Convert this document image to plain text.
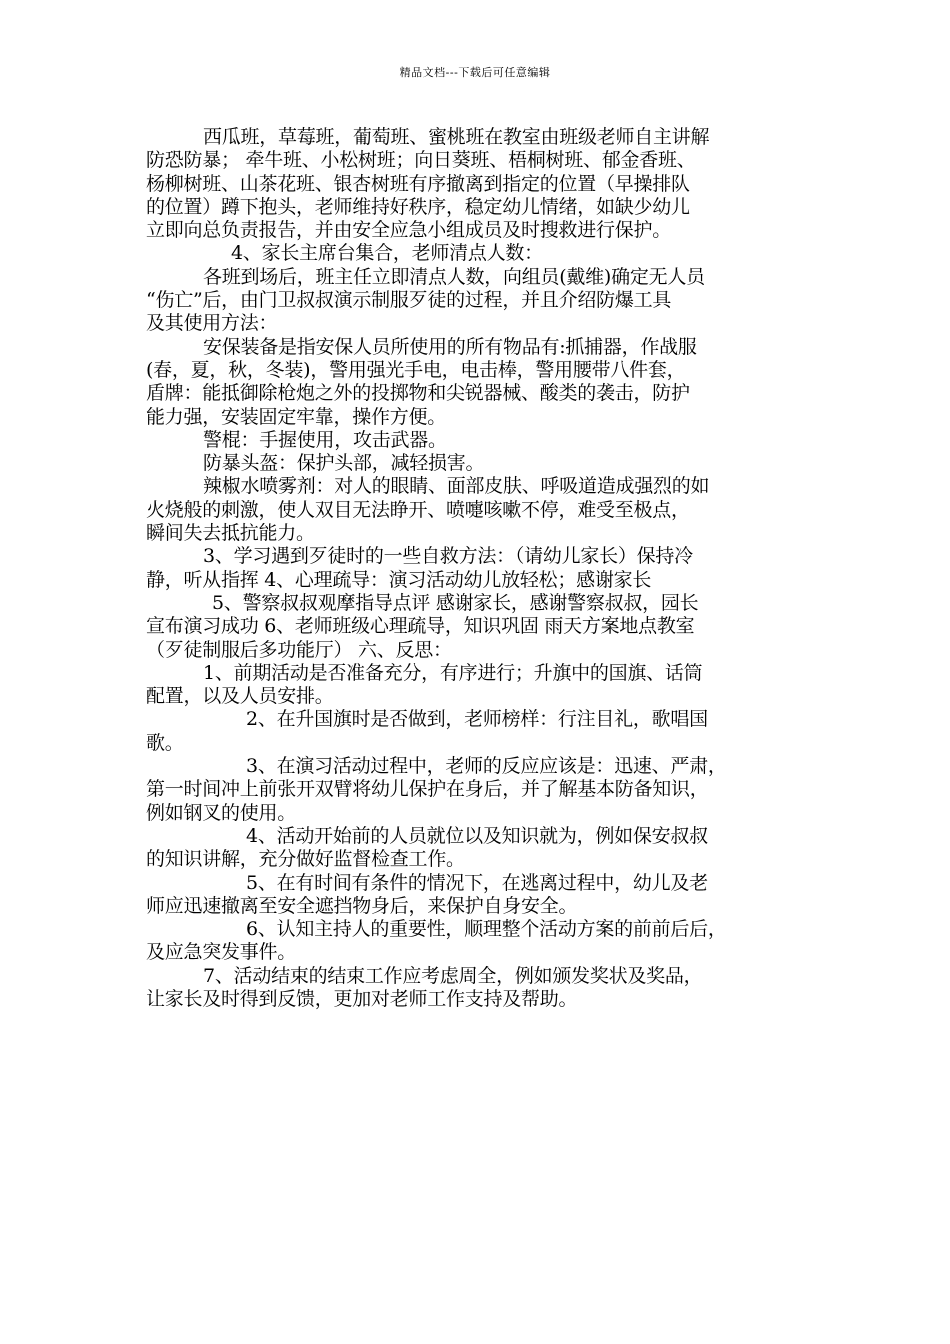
精品文档---下载后可任意编辑
西瓜班，草莓班，葡萄班、蜜桃班在教室由班级老师自主讲解
防恐防暴； 牵牛班、小松树班；向日葵班、梧桐树班、郁金香班、
杨柳树班、山茶花班、银杏树班有序撤离到指定的位置（早操排队
的位置）蹲下抱头，老师维持好秩序，稳定幼儿情绪，如缺少幼儿
立即向总负责报告，并由安全应急小组成员及时搜救进行保护。
4、家长主席台集合，老师清点人数：
各班到场后，班主任立即清点人数，向组员(戴维)确定无人员
“伤亡”后，由门卫叔叔演示制服歹徒的过程，并且介绍防爆工具
及其使用方法：
安保装备是指安保人员所使用的所有物品有:抓捕器，作战服
(春，夏，秋，冬装)，警用强光手电，电击棒，警用腰带八件套，
盾牌：能抵御除枪炮之外的投掷物和尖锐器械、酸类的袭击，防护
能力强，安装固定牢靠，操作方便。
警棍：手握使用，攻击武器。
防暴头盔：保护头部，减轻损害。
辣椒水喷雾剂：对人的眼睛、面部皮肤、呼吸道造成强烈的如
火烧般的刺激，使人双目无法睁开、喷嚏咳嗽不停，难受至极点，
瞬间失去抵抗能力。
3、学习遇到歹徒时的一些自救方法：（请幼儿家长）保持冷
静，听从指挥 4、心理疏导：演习活动幼儿放轻松；感谢家长
5、警察叔叔观摩指导点评 感谢家长，感谢警察叔叔，园长
宣布演习成功 6、老师班级心理疏导，知识巩固 雨天方案地点教室
（歹徒制服后多功能厅） 六、反思：
1、前期活动是否准备充分，有序进行；升旗中的国旗、话筒
配置，以及人员安排。
2、在升国旗时是否做到，老师榜样：行注目礼，歌唱国
歌。
3、在演习活动过程中，老师的反应应该是：迅速、严肃，
第一时间冲上前张开双臂将幼儿保护在身后，并了解基本防备知识，
例如钢叉的使用。
4、活动开始前的人员就位以及知识就为，例如保安叔叔
的知识讲解，充分做好监督检查工作。
5、在有时间有条件的情况下，在逃离过程中，幼儿及老
师应迅速撤离至安全遮挡物身后，来保护自身安全。
6、认知主持人的重要性，顺理整个活动方案的前前后后，
及应急突发事件。
7、活动结束的结束工作应考虑周全，例如颁发奖状及奖品，
让家长及时得到反馈，更加对老师工作支持及帮助。
